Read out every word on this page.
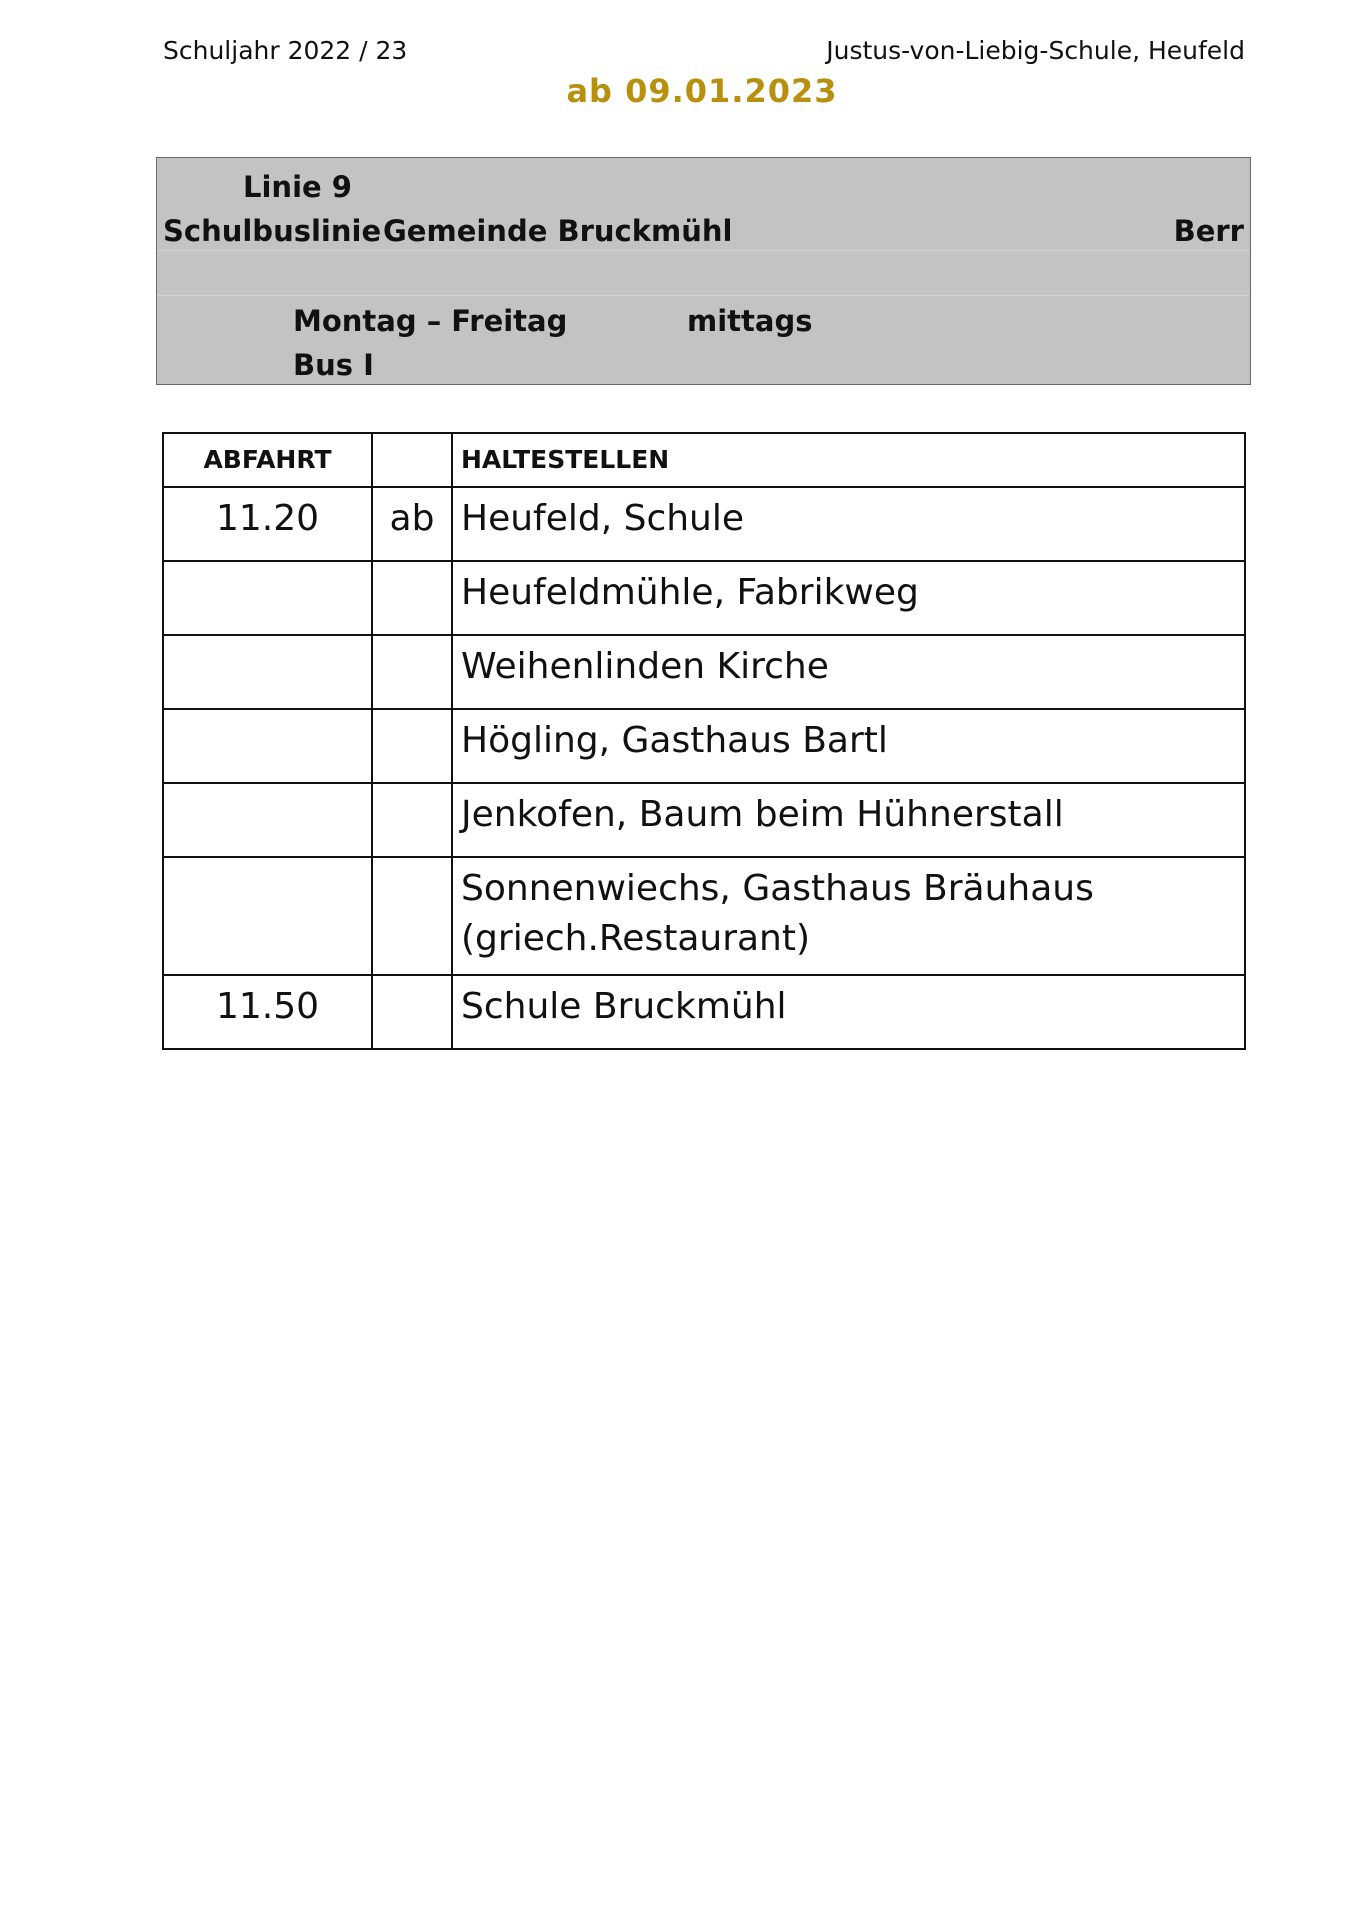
Schuljahr 2022 / 23	Justus-von-Liebig-Schule, Heufeld
ab 09.01.2023
Linie 9
Schulbuslinie Gemeinde Bruckmühl	Berr
Montag – Freitag	mittags
Bus I
ABFAHRT		HALTESTELLEN
11.20	ab	Heufeld, Schule
		Heufeldmühle, Fabrikweg
		Weihenlinden Kirche
		Högling, Gasthaus Bartl
		Jenkofen, Baum beim Hühnerstall

		Sonnenwiechs, Gasthaus Bräuhaus
(griech.Restaurant)

11.50		Schule Bruckmühl
